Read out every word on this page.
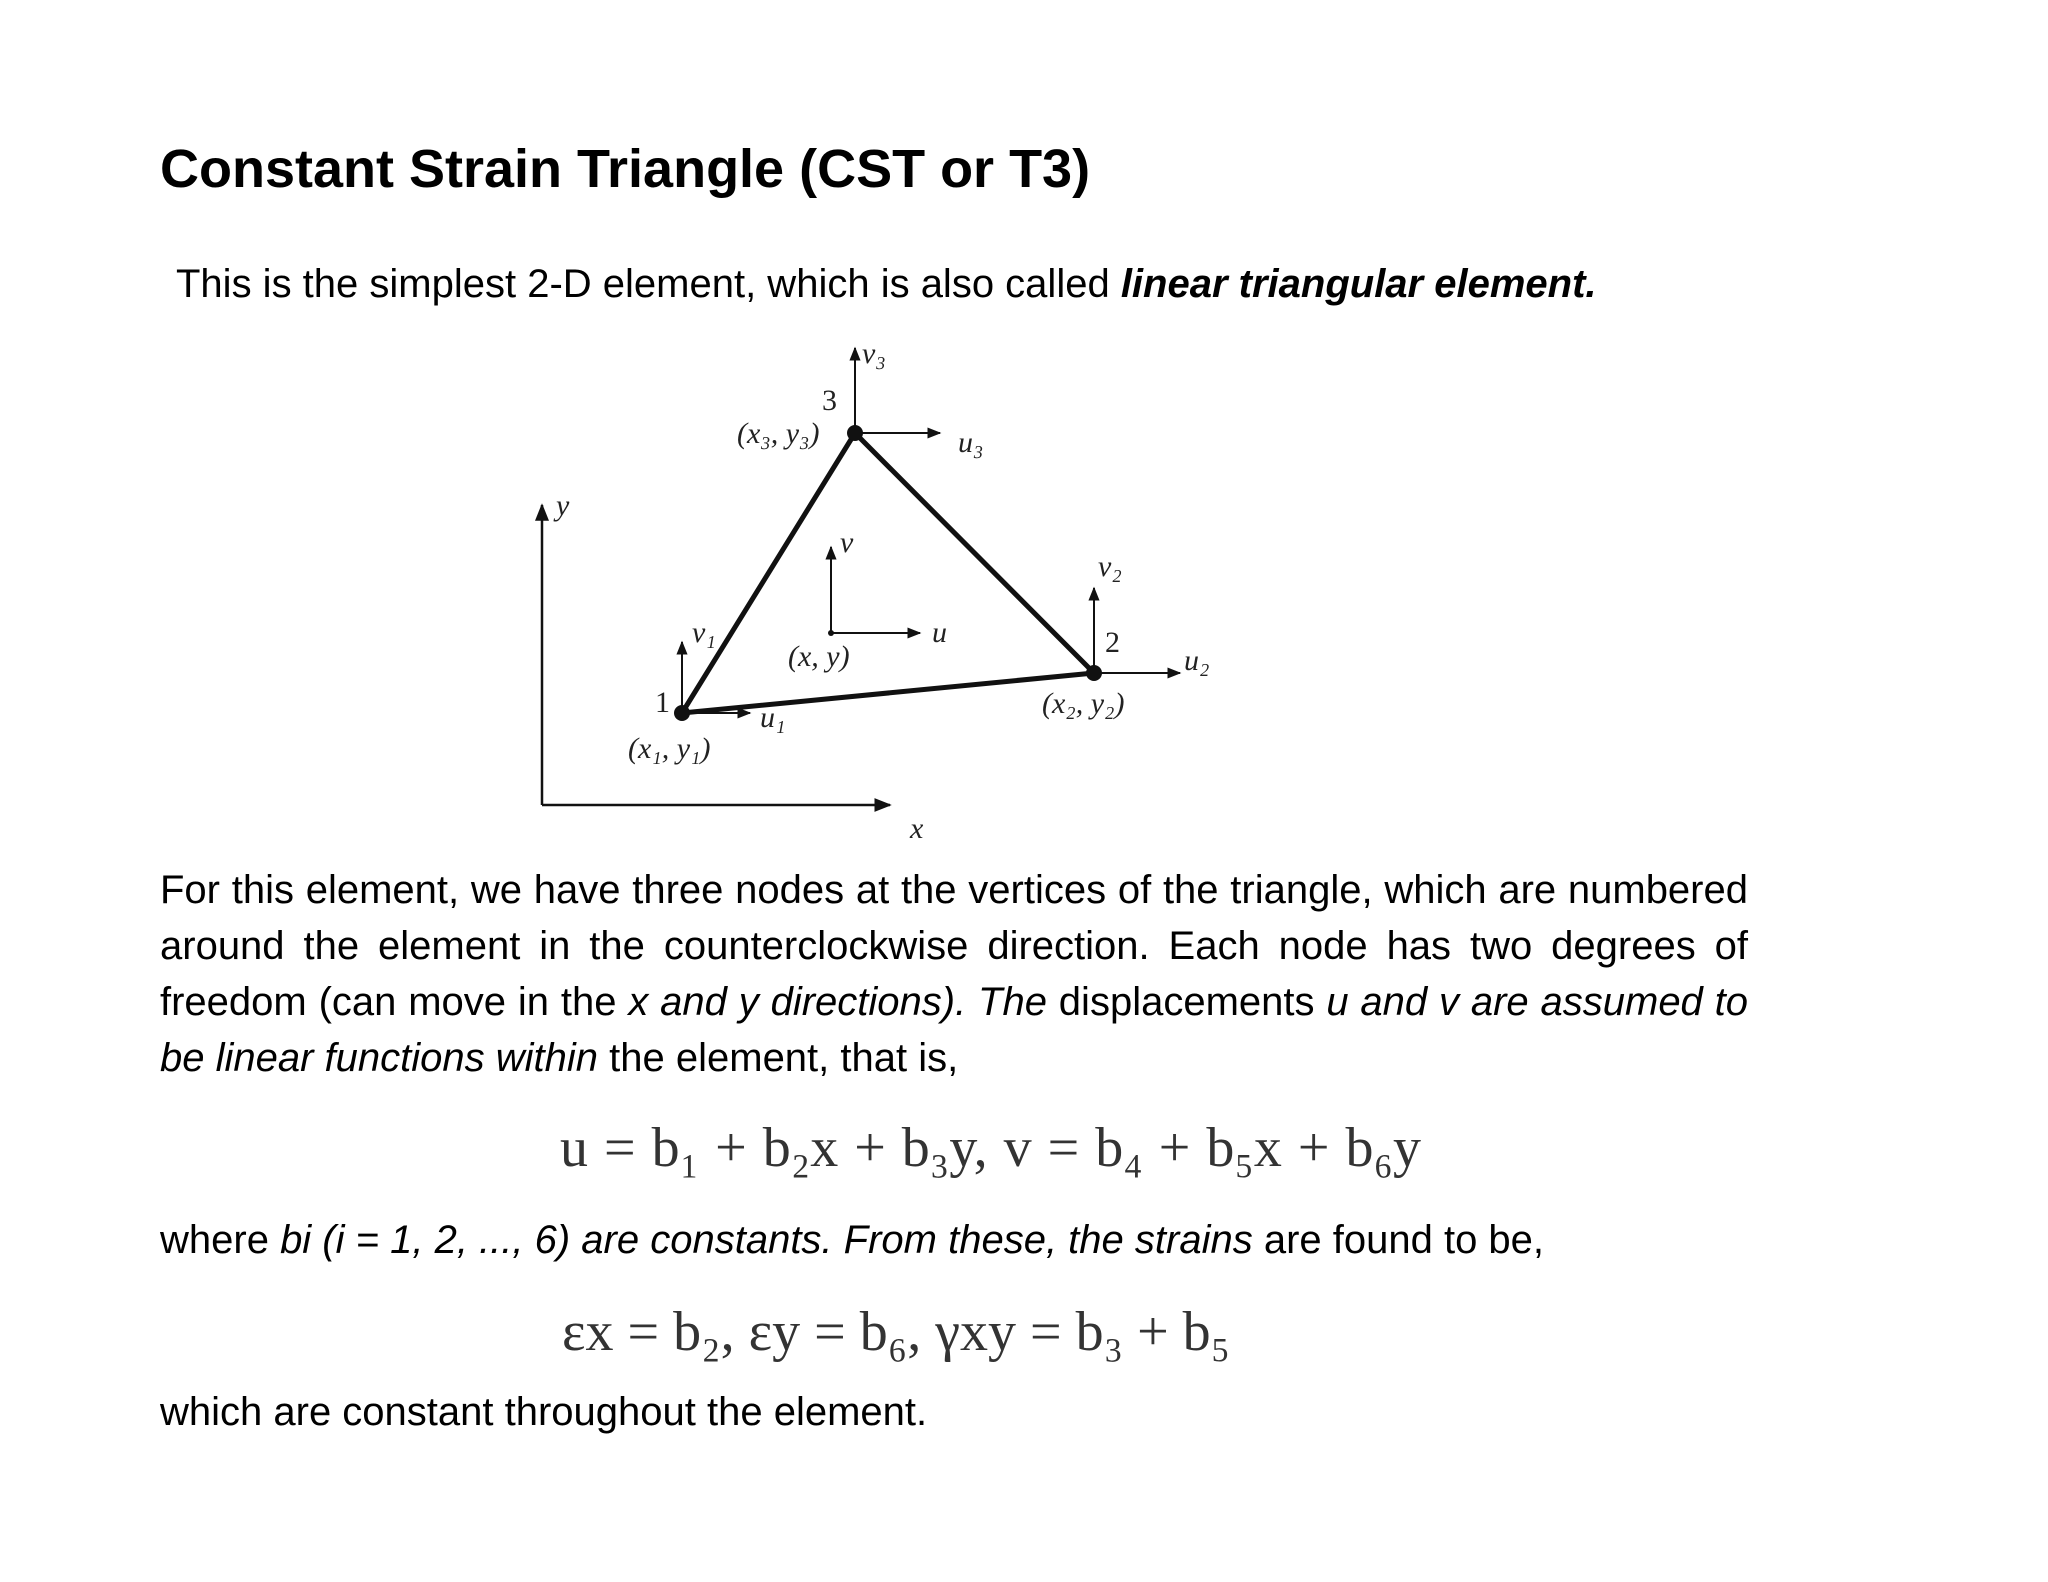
Constant Strain Triangle (CST or T3)

This is the simplest 2-D element, which is also called linear triangular element.

y
x
1
(x₁, y₁)
u₁
v₁	2
(x₂, y₂)
u₂
v₂
3
(x₃, y₃)	u₃
v₃
(x, y)
u
v

For this element, we have three nodes at the vertices of the triangle, which are numbered around the element in the counterclockwise direction. Each node has two degrees of freedom (can move in the x and y directions). The displacements u and v are assumed to be linear functions within the element, that is,

u = b₁ + b₂x + b₃y, v = b₄ + b₅x + b₆y

where bi (i = 1, 2, ..., 6) are constants. From these, the strains are found to be,

εx = b₂, εy = b₆, γxy = b₃ + b₅

which are constant throughout the element.
